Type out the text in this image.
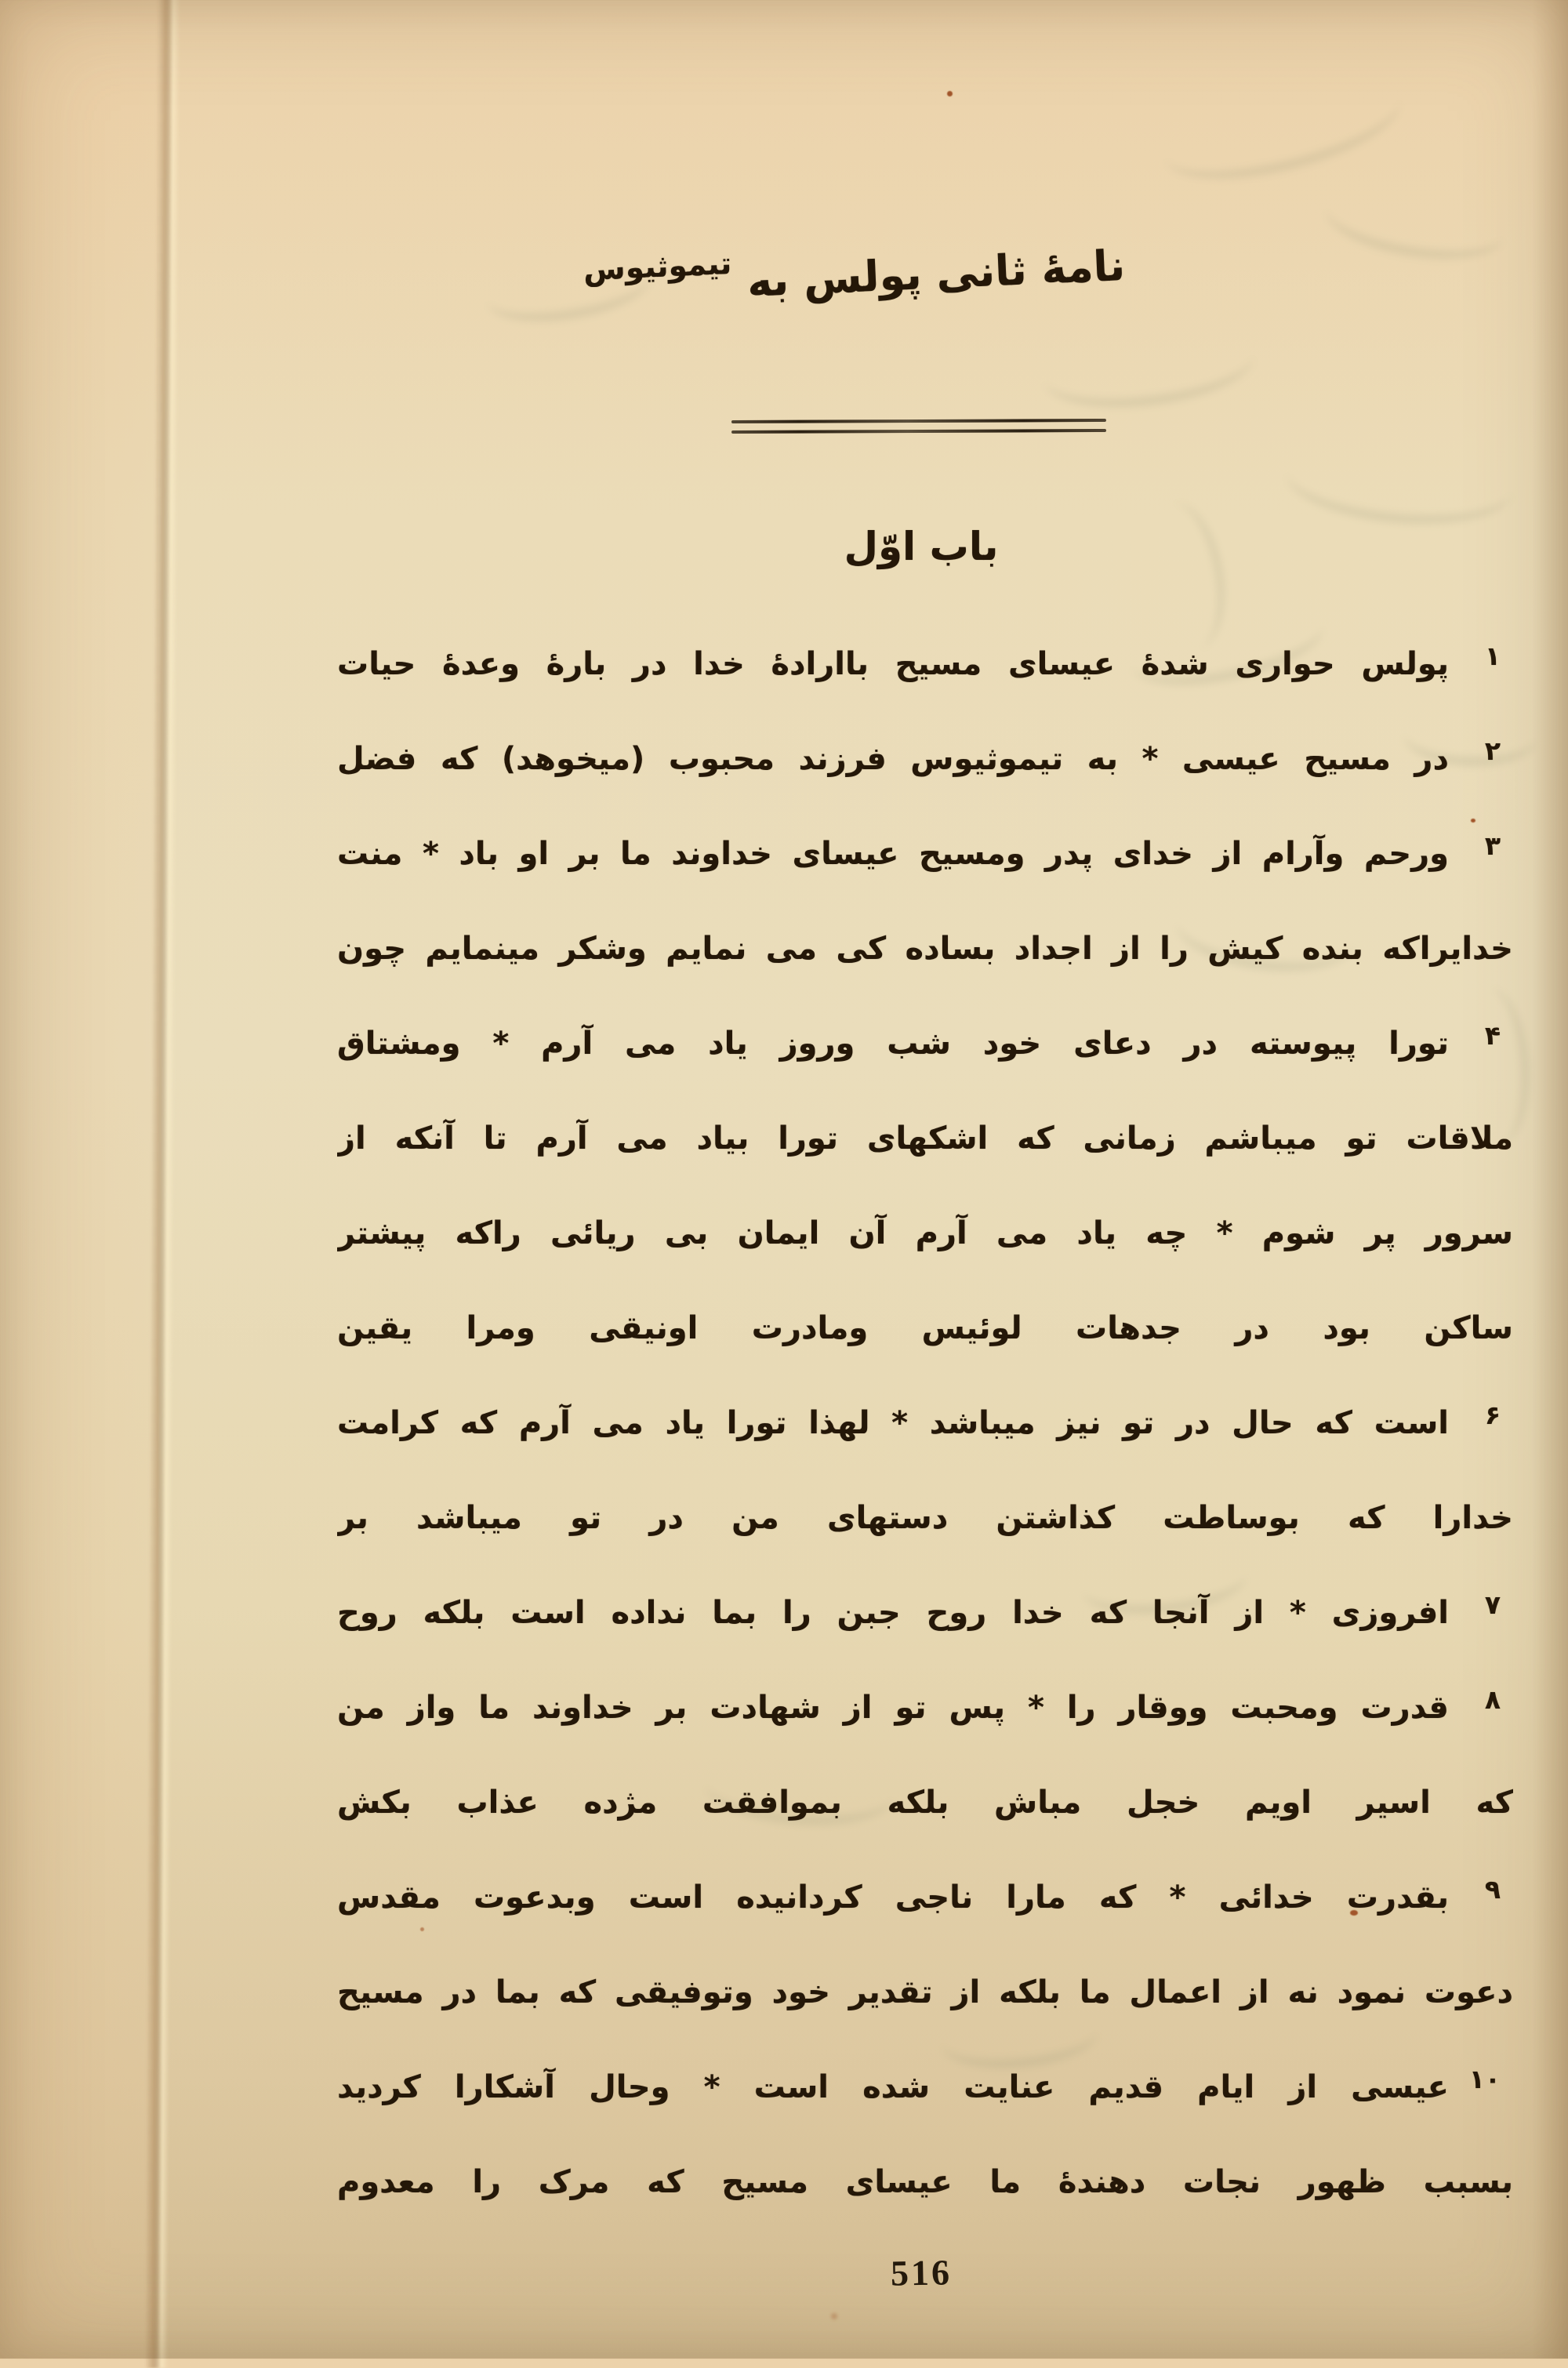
نامهٔ ثانی پولس به $^{تیموثیوس}$
باب اوّل
۱
پولس حواری شدهٔ عیسای مسیح باارادهٔ خدا در بارهٔ وعدهٔ حیات
۲
در مسیح عیسی * به تیموثیوس فرزند محبوب (میخوهد) که فضل
۳
ورحم وآرام از خدای پدر ومسیح عیسای خداوند ما بر او باد * منت
خدایراکه بنده کیش را از اجداد بساده کی می نمایم وشکر مینمایم چون
۴
تورا پیوسته در دعای خود شب وروز یاد می آرم * ومشتاق
ملاقات تو میباشم زمانی که اشکهای تورا بیاد می آرم تا آنکه از
سرور پر شوم * چه یاد می آرم آن ایمان بی ریائی راکه پیشتر
ساکن بود در جدهات لوئیس ومادرت اونیقی ومرا یقین
۶
است که حال در تو نیز میباشد * لهذا تورا یاد می آرم که کرامت
خدارا که بوساطت کذاشتن دستهای من در تو میباشد بر
۷
افروزی * از آنجا که خدا روح جبن را بما نداده است بلکه روح
۸
قدرت ومحبت ووقار را * پس تو از شهادت بر خداوند ما واز من
که اسیر اویم خجل مباش بلکه بموافقت مژده عذاب بکش
۹
بقدرت خدائی * که مارا ناجی کردانیده است وبدعوت مقدس
دعوت نمود نه از اعمال ما بلکه از تقدیر خود وتوفیقی که بما در مسیح
۱۰
عیسی از ایام قدیم عنایت شده است * وحال آشکارا کردید
بسبب ظهور نجات دهندهٔ ما عیسای مسیح که مرک را معدوم
516
